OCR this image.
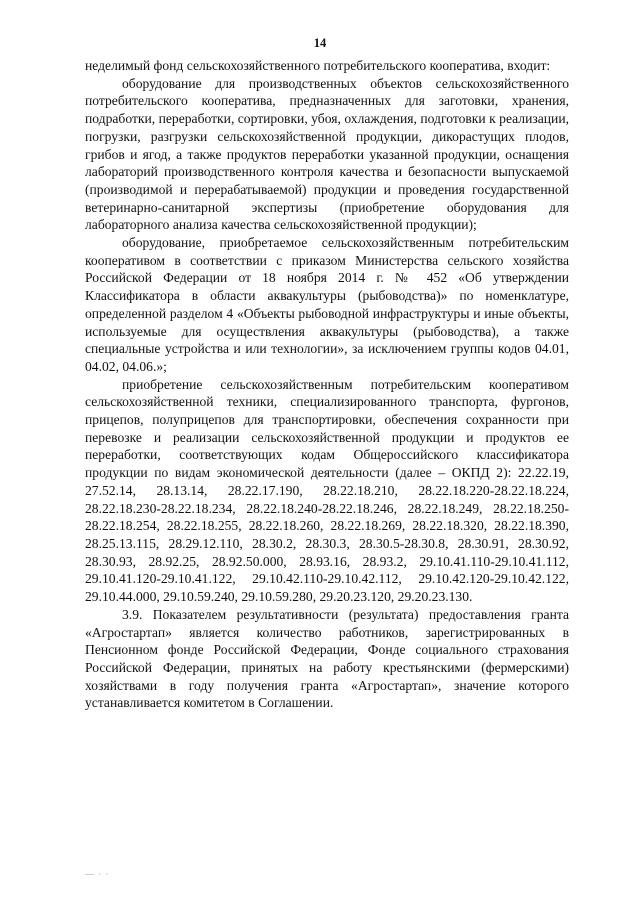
14

неделимый фонд сельскохозяйственного потребительского кооператива, входит:

оборудование для производственных объектов сельскохозяйственного потребительского кооператива, предназначенных для заготовки, хранения, подработки, переработки, сортировки, убоя, охлаждения, подготовки к реализации, погрузки, разгрузки сельскохозяйственной продукции, дикорастущих плодов, грибов и ягод, а также продуктов переработки указанной продукции, оснащения лабораторий производственного контроля качества и безопасности выпускаемой (производимой и перерабатываемой) продукции и проведения государственной ветеринарно-санитарной экспертизы (приобретение оборудования для лабораторного анализа качества сельскохозяйственной продукции);

оборудование, приобретаемое сельскохозяйственным потребительским кооперативом в соответствии с приказом Министерства сельского хозяйства Российской Федерации от 18 ноября 2014 г. № 452 «Об утверждении Классификатора в области аквакультуры (рыбоводства)» по номенклатуре, определенной разделом 4 «Объекты рыбоводной инфраструктуры и иные объекты, используемые для осуществления аквакультуры (рыбоводства), а также специальные устройства и или технологии», за исключением группы кодов 04.01, 04.02, 04.06.»;

приобретение сельскохозяйственным потребительским кооперативом сельскохозяйственной техники, специализированного транспорта, фургонов, прицепов, полуприцепов для транспортировки, обеспечения сохранности при перевозке и реализации сельскохозяйственной продукции и продуктов ее переработки, соответствующих кодам Общероссийского классификатора продукции по видам экономической деятельности (далее – ОКПД 2): 22.22.19, 27.52.14, 28.13.14, 28.22.17.190, 28.22.18.210, 28.22.18.220-28.22.18.224, 28.22.18.230-28.22.18.234, 28.22.18.240-28.22.18.246, 28.22.18.249, 28.22.18.250-28.22.18.254, 28.22.18.255, 28.22.18.260, 28.22.18.269, 28.22.18.320, 28.22.18.390, 28.25.13.115, 28.29.12.110, 28.30.2, 28.30.3, 28.30.5-28.30.8, 28.30.91, 28.30.92, 28.30.93, 28.92.25, 28.92.50.000, 28.93.16, 28.93.2, 29.10.41.110-29.10.41.112, 29.10.41.120-29.10.41.122, 29.10.42.110-29.10.42.112, 29.10.42.120-29.10.42.122, 29.10.44.000, 29.10.59.240, 29.10.59.280, 29.20.23.120, 29.20.23.130.

3.9. Показателем результативности (результата) предоставления гранта «Агростартап» является количество работников, зарегистрированных в Пенсионном фонде Российской Федерации, Фонде социального страхования Российской Федерации, принятых на работу крестьянскими (фермерскими) хозяйствами в году получения гранта «Агростартап», значение которого устанавливается комитетом в Соглашении.

— · ·
